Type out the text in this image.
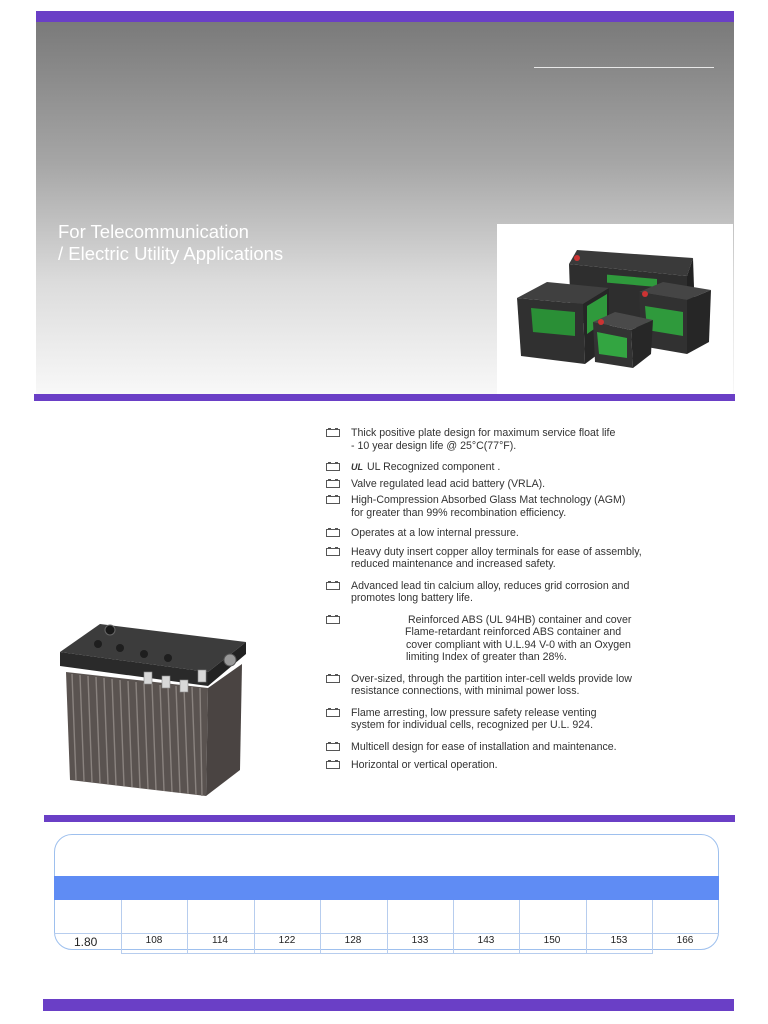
For Telecommunication
/ Electric Utility Applications
Thick positive plate design for maximum service float life
- 10 year design life @ 25°C(77°F).
UL UL Recognized component .
Valve regulated lead acid battery (VRLA).
High-Compression Absorbed Glass Mat technology (AGM)
for greater than 99% recombination efficiency.
Operates at a low internal pressure.
Heavy duty insert copper alloy terminals for ease of assembly,
reduced maintenance and increased safety.
Advanced lead tin calcium alloy, reduces grid corrosion and
promotes long battery life.
Reinforced ABS (UL 94HB) container and cover
Flame-retardant reinforced ABS container and
cover compliant with U.L.94 V-0 with an Oxygen
limiting Index of greater than 28%.
Over-sized, through the partition inter-cell welds provide low
resistance connections, with minimal power loss.
Flame arresting, low pressure safety release venting
system for individual cells, recognized per U.L. 924.
Multicell design for ease of installation and maintenance.
Horizontal or vertical operation.
1.80	108	114	122	128	133	143	150	153	166
